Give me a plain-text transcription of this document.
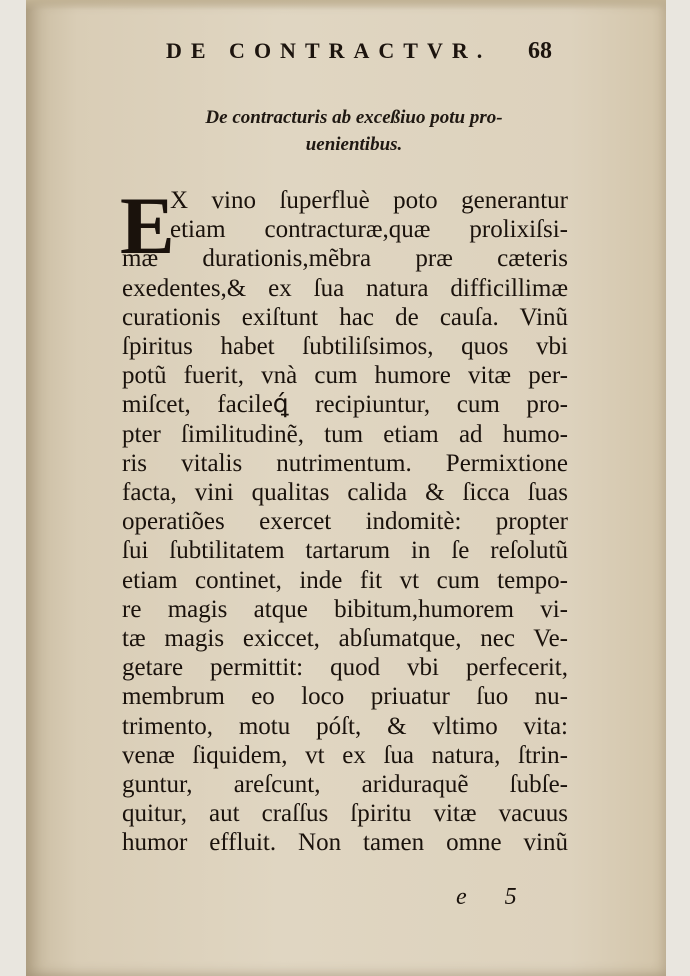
DE CONTRACTVR.	68
De contracturis ab exceßiuo potu pro-
uenientibus.
E
X vino ſuperfluè poto generantur
etiam contracturæ,quæ prolixiſsi-
mæ durationis,mẽbra præ cæteris
exedentes,& ex ſua natura difficillimæ
curationis exiſtunt hac de cauſa. Vinũ
ſpiritus habet ſubtiliſsimos, quos vbi
potũ fuerit, vnà cum humore vitæ per-
miſcet, facileꝗ́ recipiuntur, cum pro-
pter ſimilitudinẽ, tum etiam ad humo-
ris vitalis nutrimentum. Permixtione
facta, vini qualitas calida & ſicca ſuas
operatiões exercet indomitè: propter
ſui ſubtilitatem tartarum in ſe reſolutũ
etiam continet, inde fit vt cum tempo-
re magis atque bibitum,humorem vi-
tæ magis exiccet, abſumatque, nec Ve-
getare permittit: quod vbi perfecerit,
membrum eo loco priuatur ſuo nu-
trimento, motu póſt, & vltimo vita:
venæ ſiquidem, vt ex ſua natura, ſtrin-
guntur, areſcunt, ariduraquẽ ſubſe-
quitur, aut craſſus ſpiritu vitæ vacuus
humor effluit. Non tamen omne vinũ
e 5
